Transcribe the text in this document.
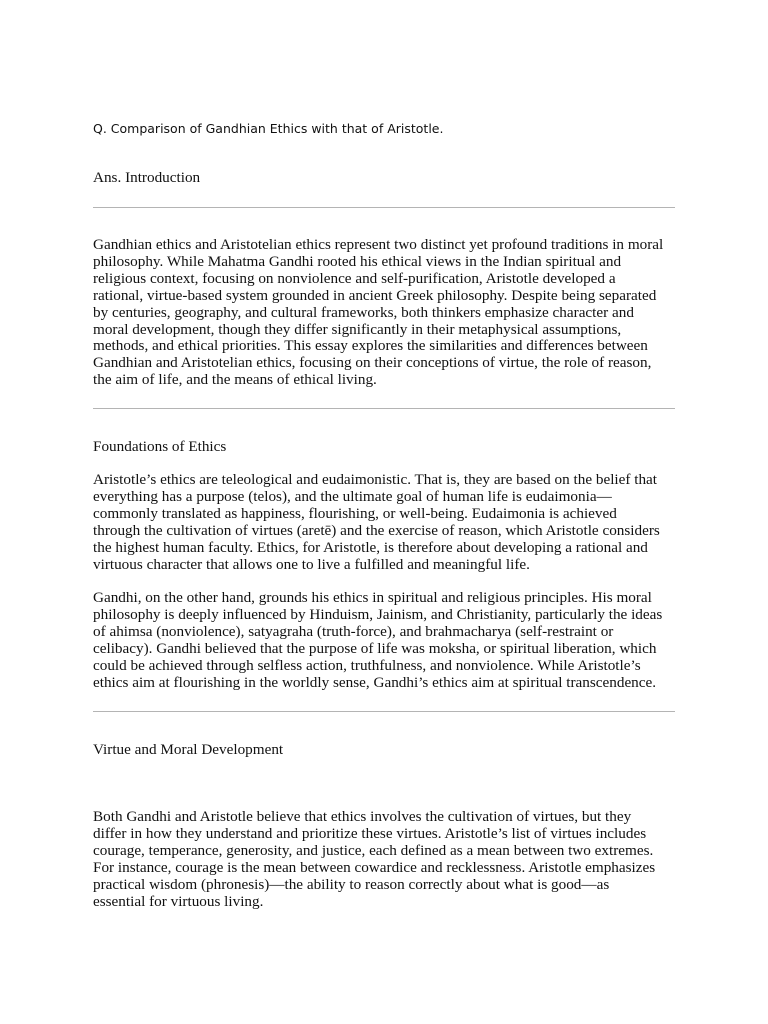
Q. Comparison of Gandhian Ethics with that of Aristotle.
Ans. Introduction

Gandhian ethics and Aristotelian ethics represent two distinct yet profound traditions in moral
philosophy. While Mahatma Gandhi rooted his ethical views in the Indian spiritual and
religious context, focusing on nonviolence and self-purification, Aristotle developed a
rational, virtue-based system grounded in ancient Greek philosophy. Despite being separated
by centuries, geography, and cultural frameworks, both thinkers emphasize character and
moral development, though they differ significantly in their metaphysical assumptions,
methods, and ethical priorities. This essay explores the similarities and differences between
Gandhian and Aristotelian ethics, focusing on their conceptions of virtue, the role of reason,
the aim of life, and the means of ethical living.

Foundations of Ethics

Aristotle’s ethics are teleological and eudaimonistic. That is, they are based on the belief that
everything has a purpose (telos), and the ultimate goal of human life is eudaimonia—
commonly translated as happiness, flourishing, or well-being. Eudaimonia is achieved
through the cultivation of virtues (aretē) and the exercise of reason, which Aristotle considers
the highest human faculty. Ethics, for Aristotle, is therefore about developing a rational and
virtuous character that allows one to live a fulfilled and meaningful life.

Gandhi, on the other hand, grounds his ethics in spiritual and religious principles. His moral
philosophy is deeply influenced by Hinduism, Jainism, and Christianity, particularly the ideas
of ahimsa (nonviolence), satyagraha (truth-force), and brahmacharya (self-restraint or
celibacy). Gandhi believed that the purpose of life was moksha, or spiritual liberation, which
could be achieved through selfless action, truthfulness, and nonviolence. While Aristotle’s
ethics aim at flourishing in the worldly sense, Gandhi’s ethics aim at spiritual transcendence.

Virtue and Moral Development

Both Gandhi and Aristotle believe that ethics involves the cultivation of virtues, but they
differ in how they understand and prioritize these virtues. Aristotle’s list of virtues includes
courage, temperance, generosity, and justice, each defined as a mean between two extremes.
For instance, courage is the mean between cowardice and recklessness. Aristotle emphasizes
practical wisdom (phronesis)—the ability to reason correctly about what is good—as
essential for virtuous living.
